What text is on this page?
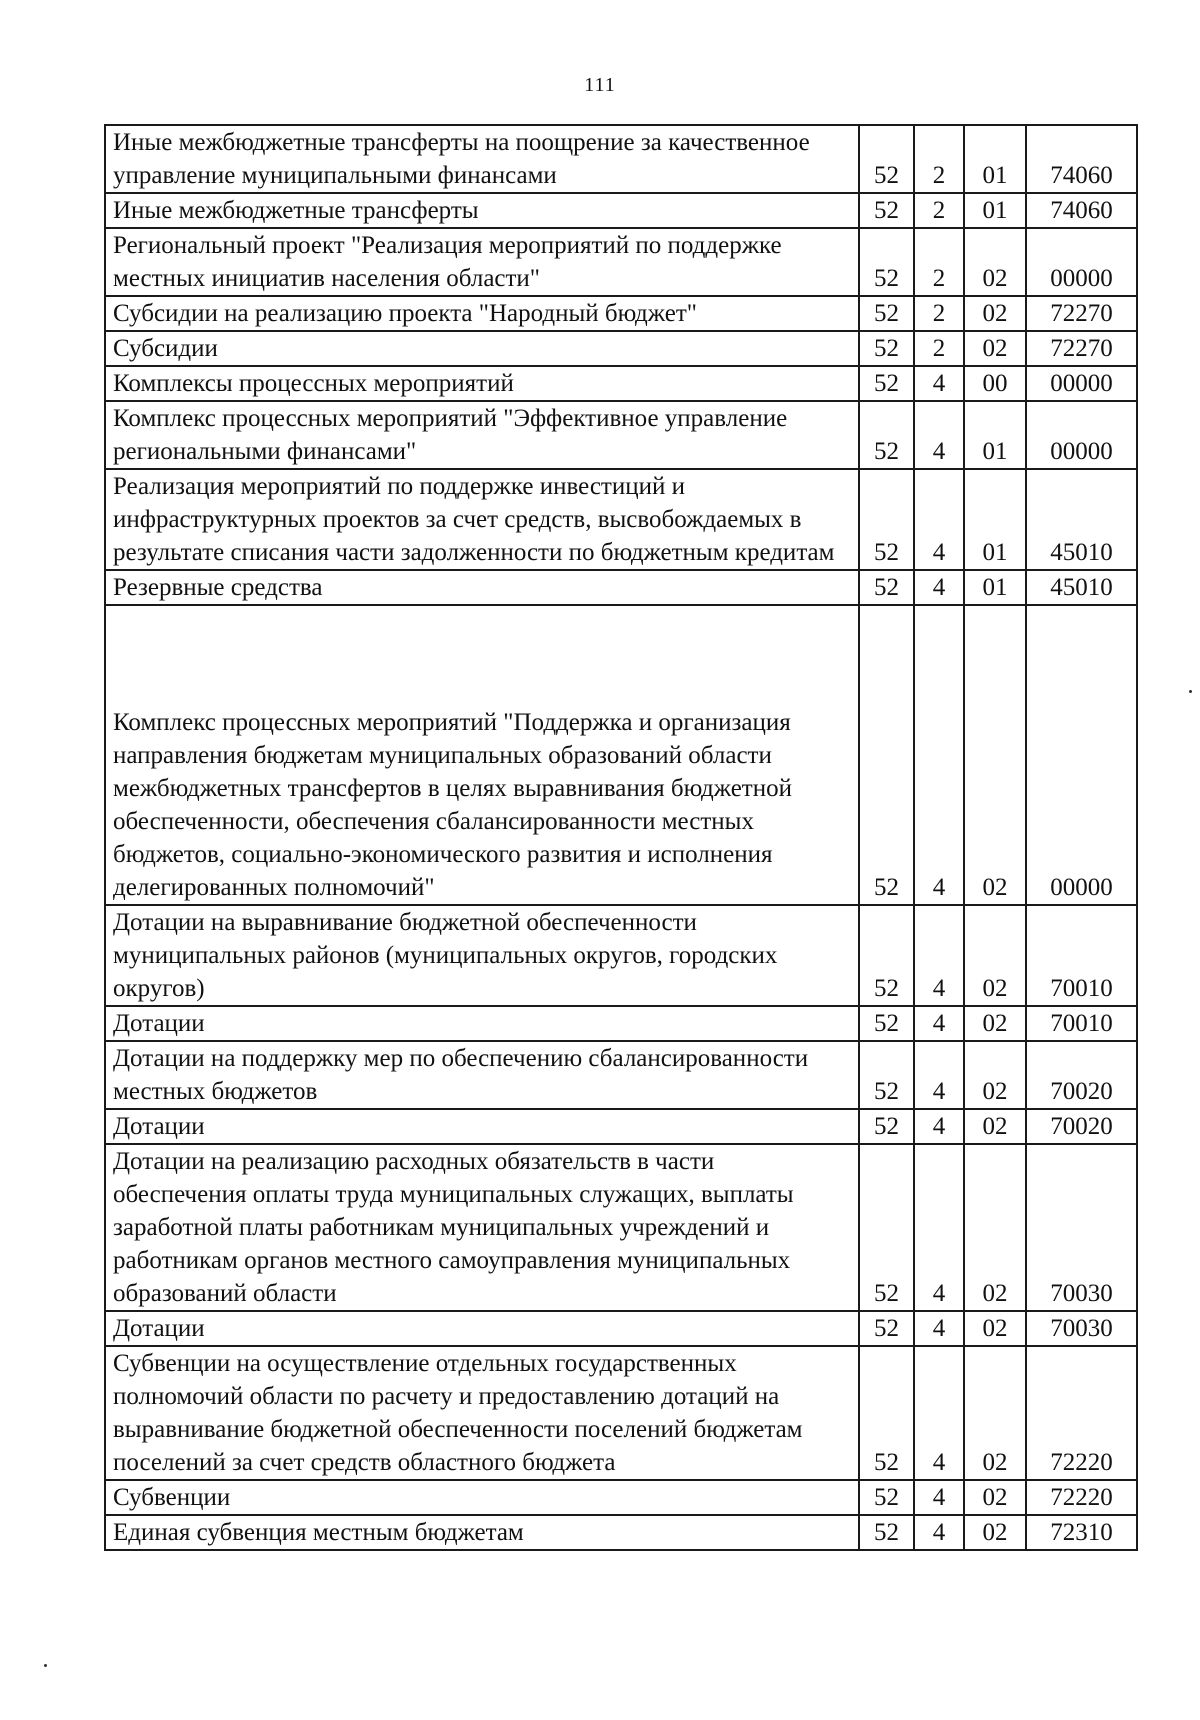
111
Иные межбюджетные трансферты на поощрение за качественное управление муниципальными финансами	52	2	01	74060
Иные межбюджетные трансферты	52	2	01	74060
Региональный проект "Реализация мероприятий по поддержке местных инициатив населения области"	52	2	02	00000
Субсидии на реализацию проекта "Народный бюджет"	52	2	02	72270
Субсидии	52	2	02	72270
Комплексы процессных мероприятий	52	4	00	00000
Комплекс процессных мероприятий "Эффективное управление региональными финансами"	52	4	01	00000
Реализация мероприятий по поддержке инвестиций и инфраструктурных проектов за счет средств, высвобождаемых в результате списания части задолженности по бюджетным кредитам	52	4	01	45010
Резервные средства	52	4	01	45010
Комплекс процессных мероприятий "Поддержка и организация направления бюджетам муниципальных образований области межбюджетных трансфертов в целях выравнивания бюджетной обеспеченности, обеспечения сбалансированности местных бюджетов, социально-экономического развития и исполнения делегированных полномочий"	52	4	02	00000
Дотации на выравнивание бюджетной обеспеченности муниципальных районов (муниципальных округов, городских округов)	52	4	02	70010
Дотации	52	4	02	70010
Дотации на поддержку мер по обеспечению сбалансированности местных бюджетов	52	4	02	70020
Дотации	52	4	02	70020
Дотации на реализацию расходных обязательств в части обеспечения оплаты труда муниципальных служащих, выплаты заработной платы работникам муниципальных учреждений и работникам органов местного самоуправления муниципальных образований области	52	4	02	70030
Дотации	52	4	02	70030
Субвенции на осуществление отдельных государственных полномочий области по расчету и предоставлению дотаций на выравнивание бюджетной обеспеченности поселений бюджетам поселений за счет средств областного бюджета	52	4	02	72220
Субвенции	52	4	02	72220
Единая субвенция местным бюджетам	52	4	02	72310
